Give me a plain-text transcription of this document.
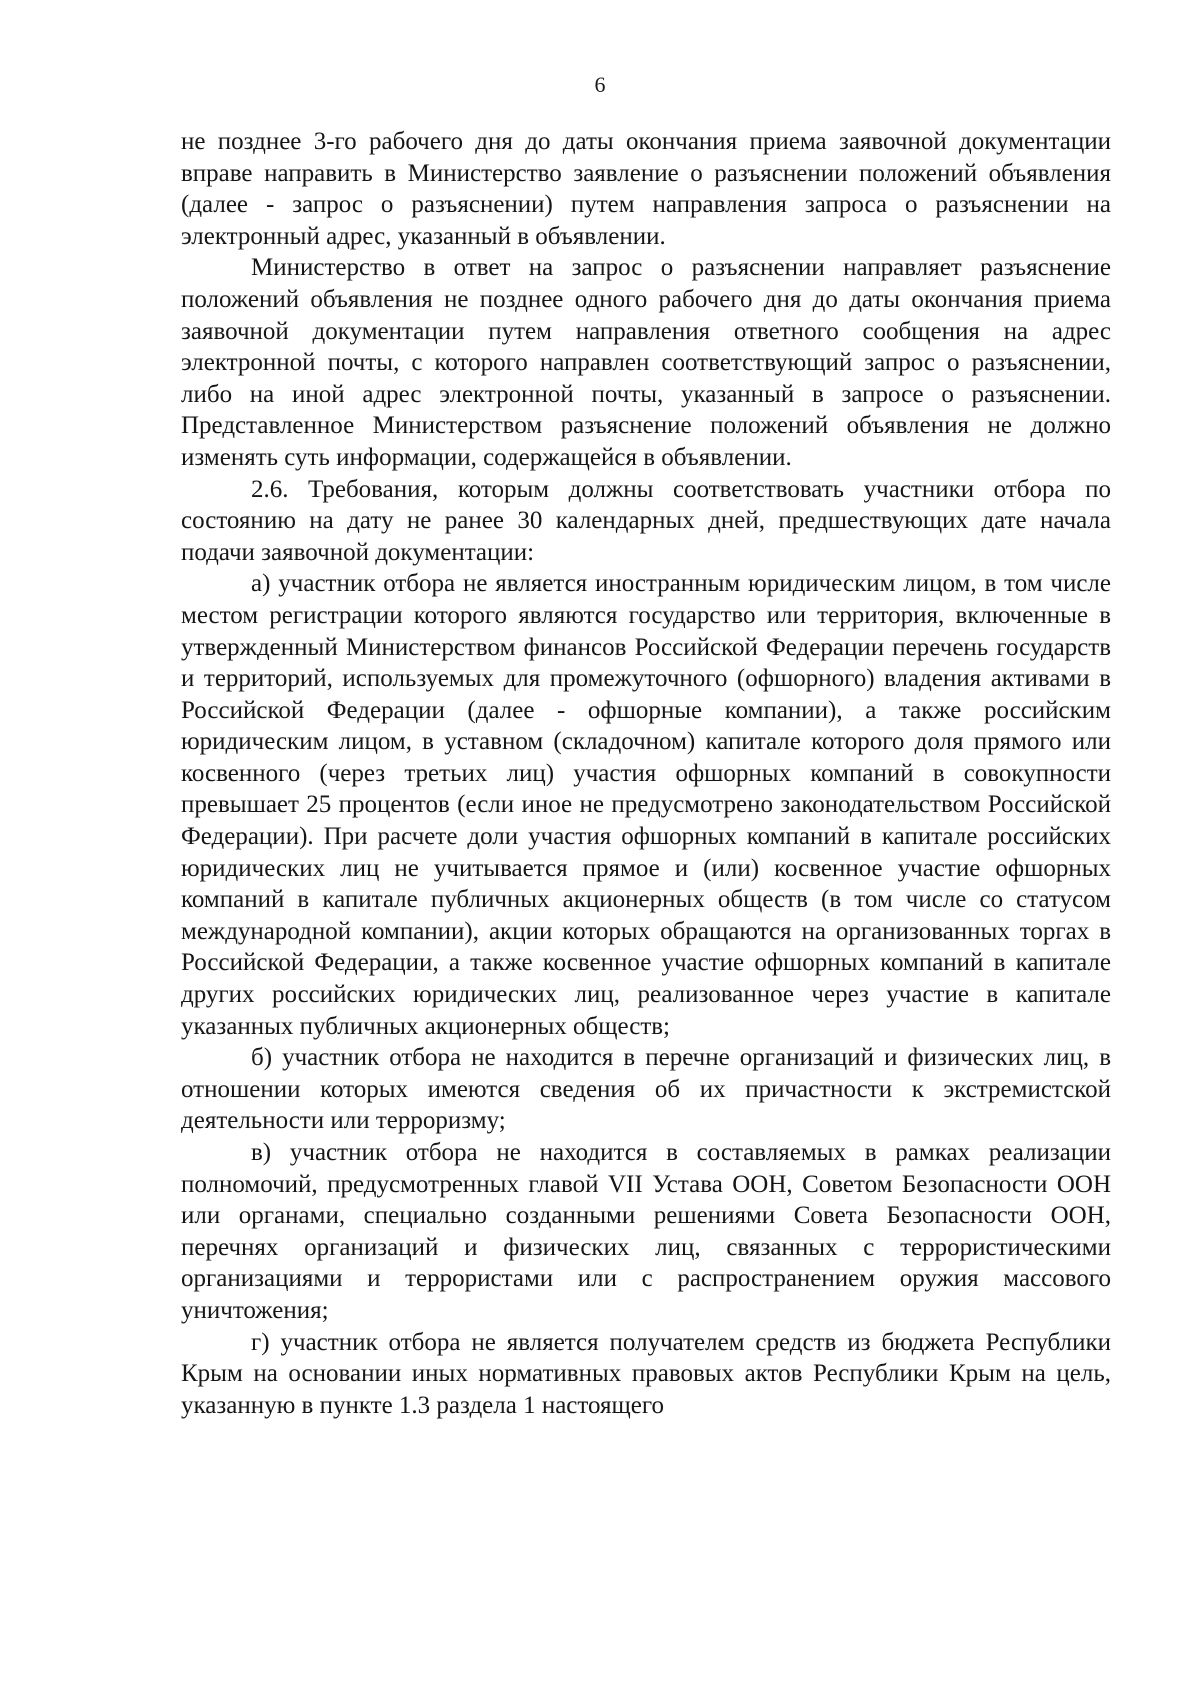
6

не позднее 3-го рабочего дня до даты окончания приема заявочной документации вправе направить в Министерство заявление о разъяснении положений объявления (далее - запрос о разъяснении) путем направления запроса о разъяснении на электронный адрес, указанный в объявлении.

Министерство в ответ на запрос о разъяснении направляет разъяснение положений объявления не позднее одного рабочего дня до даты окончания приема заявочной документации путем направления ответного сообщения на адрес электронной почты, с которого направлен соответствующий запрос о разъяснении, либо на иной адрес электронной почты, указанный в запросе о разъяснении. Представленное Министерством разъяснение положений объявления не должно изменять суть информации, содержащейся в объявлении.

2.6. Требования, которым должны соответствовать участники отбора по состоянию на дату не ранее 30 календарных дней, предшествующих дате начала подачи заявочной документации:

а) участник отбора не является иностранным юридическим лицом, в том числе местом регистрации которого являются государство или территория, включенные в утвержденный Министерством финансов Российской Федерации перечень государств и территорий, используемых для промежуточного (офшорного) владения активами в Российской Федерации (далее - офшорные компании), а также российским юридическим лицом, в уставном (складочном) капитале которого доля прямого или косвенного (через третьих лиц) участия офшорных компаний в совокупности превышает 25 процентов (если иное не предусмотрено законодательством Российской Федерации). При расчете доли участия офшорных компаний в капитале российских юридических лиц не учитывается прямое и (или) косвенное участие офшорных компаний в капитале публичных акционерных обществ (в том числе со статусом международной компании), акции которых обращаются на организованных торгах в Российской Федерации, а также косвенное участие офшорных компаний в капитале других российских юридических лиц, реализованное через участие в капитале указанных публичных акционерных обществ;

б) участник отбора не находится в перечне организаций и физических лиц, в отношении которых имеются сведения об их причастности к экстремистской деятельности или терроризму;

в) участник отбора не находится в составляемых в рамках реализации полномочий, предусмотренных главой VII Устава ООН, Советом Безопасности ООН или органами, специально созданными решениями Совета Безопасности ООН, перечнях организаций и физических лиц, связанных с террористическими организациями и террористами или с распространением оружия массового уничтожения;

г) участник отбора не является получателем средств из бюджета Республики Крым на основании иных нормативных правовых актов Республики Крым на цель, указанную в пункте 1.3 раздела 1 настоящего
